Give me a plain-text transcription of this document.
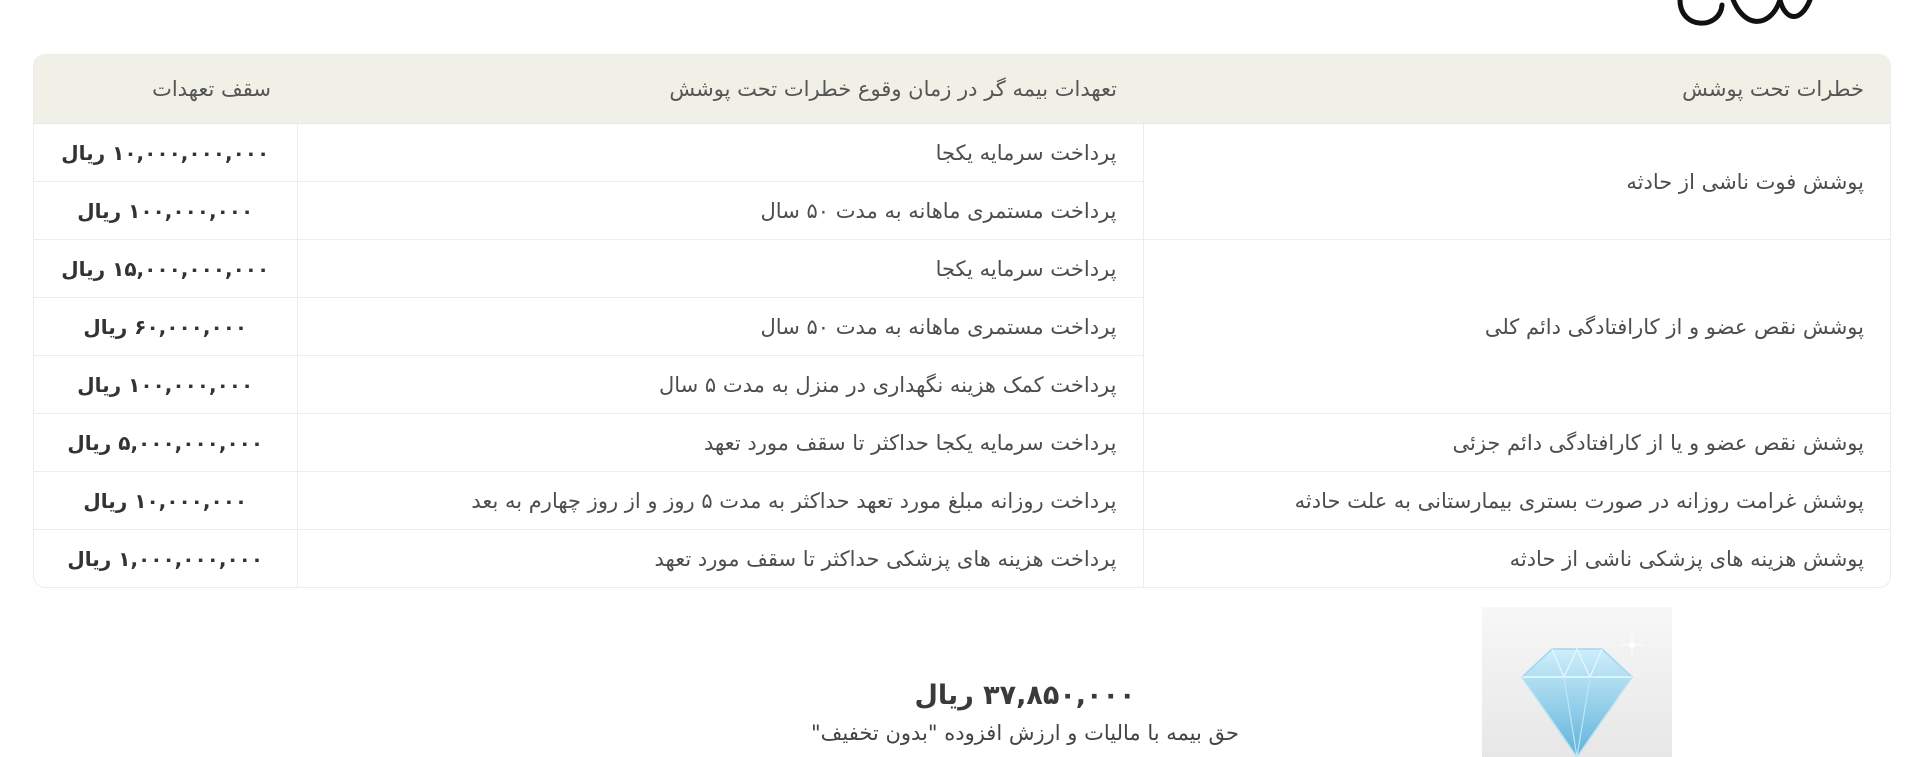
خطرات تحت پوشش	تعهدات بیمه گر در زمان وقوع خطرات تحت پوشش	سقف تعهدات
پوشش فوت ناشی از حادثه	پرداخت سرمایه یکجا	۱۰,۰۰۰,۰۰۰,۰۰۰ ریال
	پرداخت مستمری ماهانه به مدت ۵۰ سال	۱۰۰,۰۰۰,۰۰۰ ریال
پوشش نقص عضو و از کارافتادگی دائم کلی	پرداخت سرمایه یکجا	۱۵,۰۰۰,۰۰۰,۰۰۰ ریال
	پرداخت مستمری ماهانه به مدت ۵۰ سال	۶۰,۰۰۰,۰۰۰ ریال
	پرداخت کمک هزینه نگهداری در منزل به مدت ۵ سال	۱۰۰,۰۰۰,۰۰۰ ریال
پوشش نقص عضو و یا از کارافتادگی دائم جزئی	پرداخت سرمایه یکجا حداکثر تا سقف مورد تعهد	۵,۰۰۰,۰۰۰,۰۰۰ ریال
پوشش غرامت روزانه در صورت بستری بیمارستانی به علت حادثه	پرداخت روزانه مبلغ مورد تعهد حداکثر به مدت ۵ روز و از روز چهارم به بعد	۱۰,۰۰۰,۰۰۰ ریال
پوشش هزینه های پزشکی ناشی از حادثه	پرداخت هزینه های پزشکی حداکثر تا سقف مورد تعهد	۱,۰۰۰,۰۰۰,۰۰۰ ریال
۳۷,۸۵۰,۰۰۰ ریال
حق بیمه با مالیات و ارزش افزوده "بدون تخفیف"
